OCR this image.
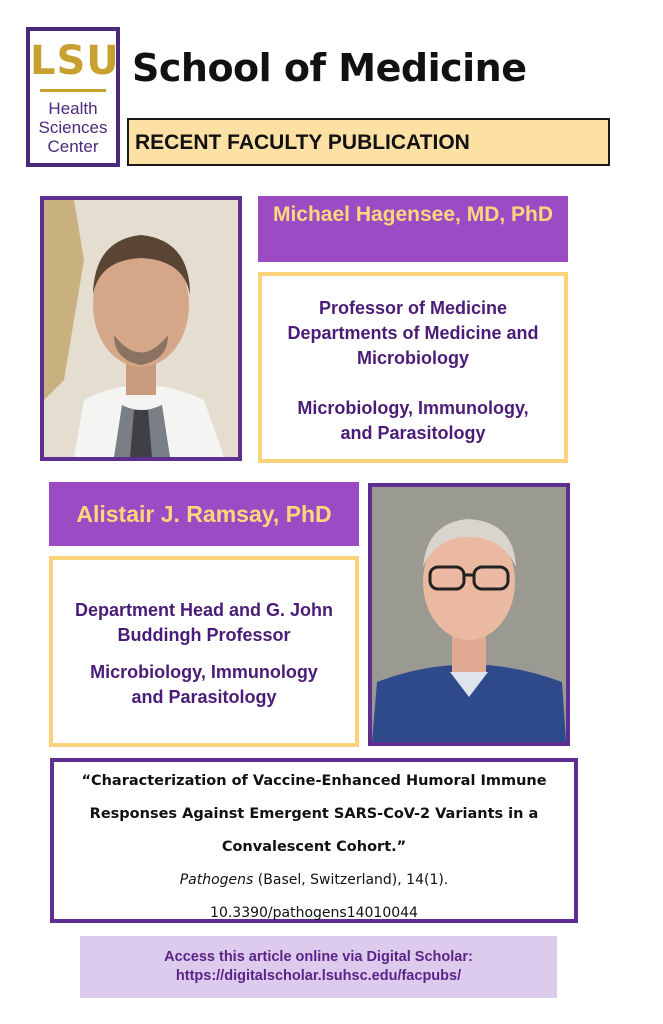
LSU
Health
Sciences
Center
School of Medicine
RECENT FACULTY PUBLICATION
Michael Hagensee, MD, PhD
Professor of Medicine
Departments of Medicine and
Microbiology
Microbiology, Immunology,
and Parasitology
Alistair J. Ramsay, PhD
Department Head and G. John
Buddingh Professor
Microbiology, Immunology
and Parasitology
“Characterization of Vaccine-Enhanced Humoral Immune
Responses Against Emergent SARS-CoV-2 Variants in a
Convalescent Cohort.”
Pathogens (Basel, Switzerland), 14(1).
10.3390/pathogens14010044
Access this article online via Digital Scholar:
https://digitalscholar.lsuhsc.edu/facpubs/
